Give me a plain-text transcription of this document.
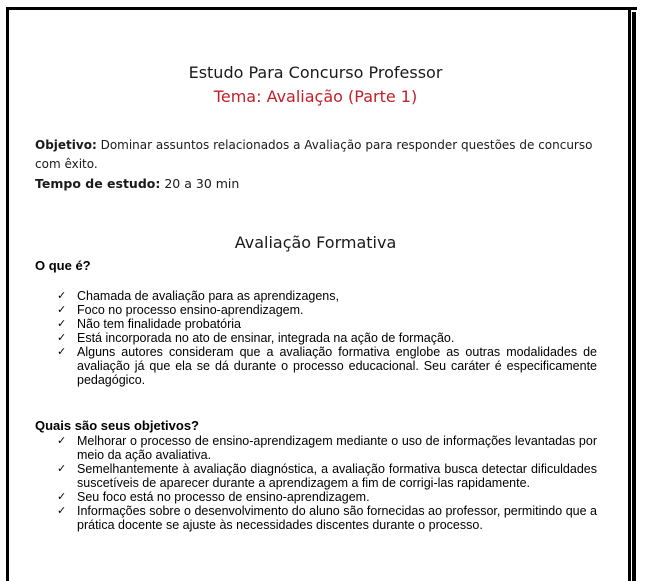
Estudo Para Concurso Professor
Tema: Avaliação (Parte 1)
Objetivo: Dominar assuntos relacionados a Avaliação para responder questões de concurso com êxito.
Tempo de estudo: 20 a 30 min
Avaliação Formativa
O que é?
✓ Chamada de avaliação para as aprendizagens,
✓ Foco no processo ensino-aprendizagem.
✓ Não tem finalidade probatória
✓ Está incorporada no ato de ensinar, integrada na ação de formação.
✓ Alguns autores consideram que a avaliação formativa englobe as outras modalidades de avaliação já que ela se dá durante o processo educacional. Seu caráter é especificamente pedagógico.
Quais são seus objetivos?
✓ Melhorar o processo de ensino-aprendizagem mediante o uso de informações levantadas por meio da ação avaliativa.
✓ Semelhantemente à avaliação diagnóstica, a avaliação formativa busca detectar dificuldades suscetíveis de aparecer durante a aprendizagem a fim de corrigi-las rapidamente.
✓ Seu foco está no processo de ensino-aprendizagem.
✓ Informações sobre o desenvolvimento do aluno são fornecidas ao professor, permitindo que a prática docente se ajuste às necessidades discentes durante o processo.
